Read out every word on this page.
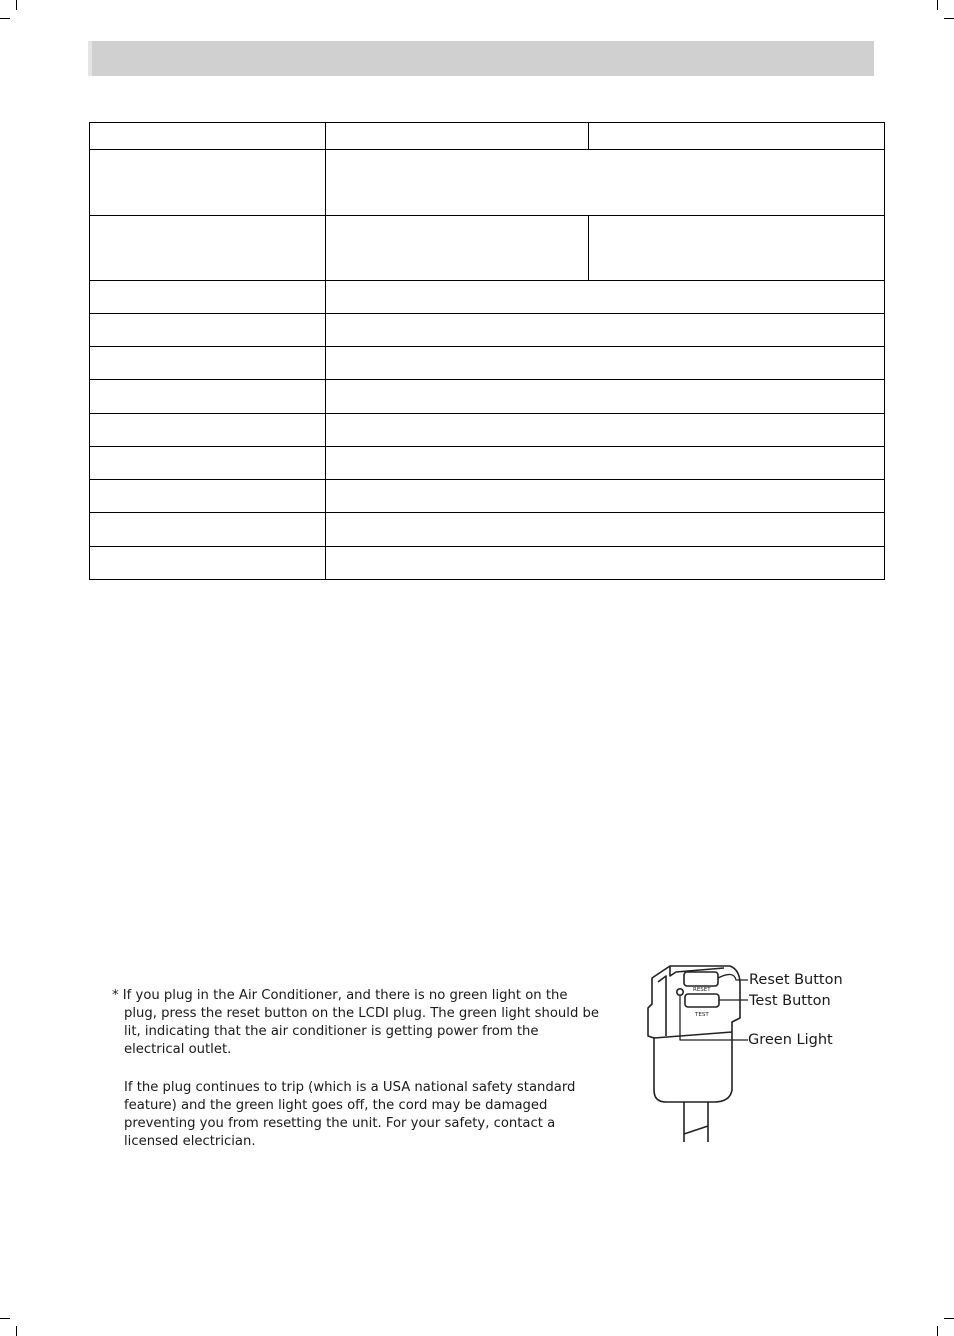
* If you plug in the Air Conditioner, and there is no green light on the plug, press the reset button on the LCDI plug. The green light should be lit, indicating that the air conditioner is getting power from the electrical outlet.

If the plug continues to trip (which is a USA national safety standard feature) and the green light goes off, the cord may be damaged preventing you from resetting the unit. For your safety, contact a licensed electrician.

RESET
TEST
Reset Button
Test Button
Green Light
